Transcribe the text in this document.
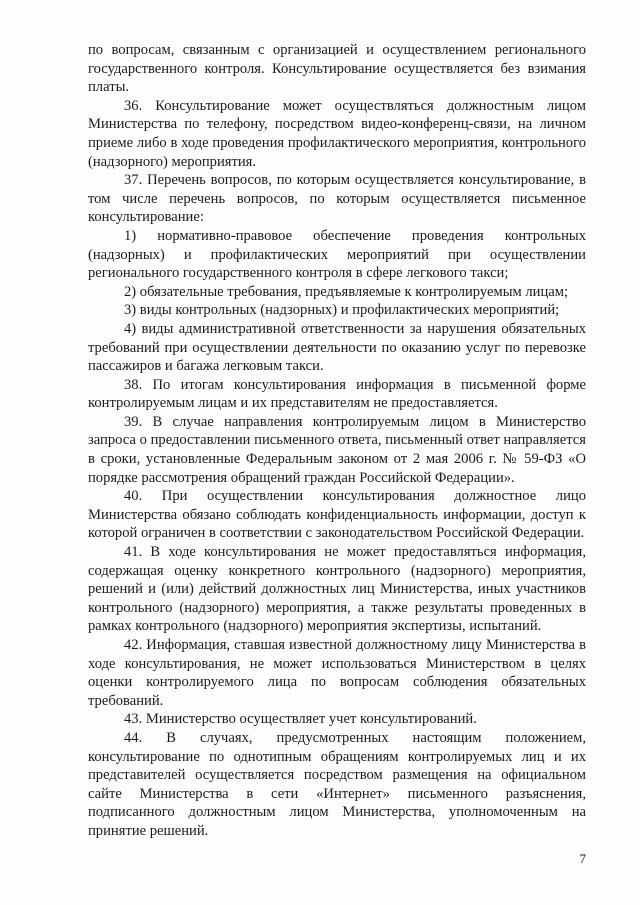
по вопросам, связанным с организацией и осуществлением регионального государственного контроля. Консультирование осуществляется без взимания платы.

36. Консультирование может осуществляться должностным лицом Министерства по телефону, посредством видео-конференц-связи, на личном приеме либо в ходе проведения профилактического мероприятия, контрольного (надзорного) мероприятия.

37. Перечень вопросов, по которым осуществляется консультирование, в том числе перечень вопросов, по которым осуществляется письменное консультирование:

1) нормативно-правовое обеспечение проведения контрольных (надзорных) и профилактических мероприятий при осуществлении регионального государственного контроля в сфере легкового такси;

2) обязательные требования, предъявляемые к контролируемым лицам;

3) виды контрольных (надзорных) и профилактических мероприятий;

4) виды административной ответственности за нарушения обязательных требований при осуществлении деятельности по оказанию услуг по перевозке пассажиров и багажа легковым такси.

38. По итогам консультирования информация в письменной форме контролируемым лицам и их представителям не предоставляется.

39. В случае направления контролируемым лицом в Министерство запроса о предоставлении письменного ответа, письменный ответ направляется в сроки, установленные Федеральным законом от 2 мая 2006 г. № 59-ФЗ «О порядке рассмотрения обращений граждан Российской Федерации».

40. При осуществлении консультирования должностное лицо Министерства обязано соблюдать конфиденциальность информации, доступ к которой ограничен в соответствии с законодательством Российской Федерации.

41. В ходе консультирования не может предоставляться информация, содержащая оценку конкретного контрольного (надзорного) мероприятия, решений и (или) действий должностных лиц Министерства, иных участников контрольного (надзорного) мероприятия, а также результаты проведенных в рамках контрольного (надзорного) мероприятия экспертизы, испытаний.

42. Информация, ставшая известной должностному лицу Министерства в ходе консультирования, не может использоваться Министерством в целях оценки контролируемого лица по вопросам соблюдения обязательных требований.

43. Министерство осуществляет учет консультирований.

44. В случаях, предусмотренных настоящим положением, консультирование по однотипным обращениям контролируемых лиц и их представителей осуществляется посредством размещения на официальном сайте Министерства в сети «Интернет» письменного разъяснения, подписанного должностным лицом Министерства, уполномоченным на принятие решений.

7
